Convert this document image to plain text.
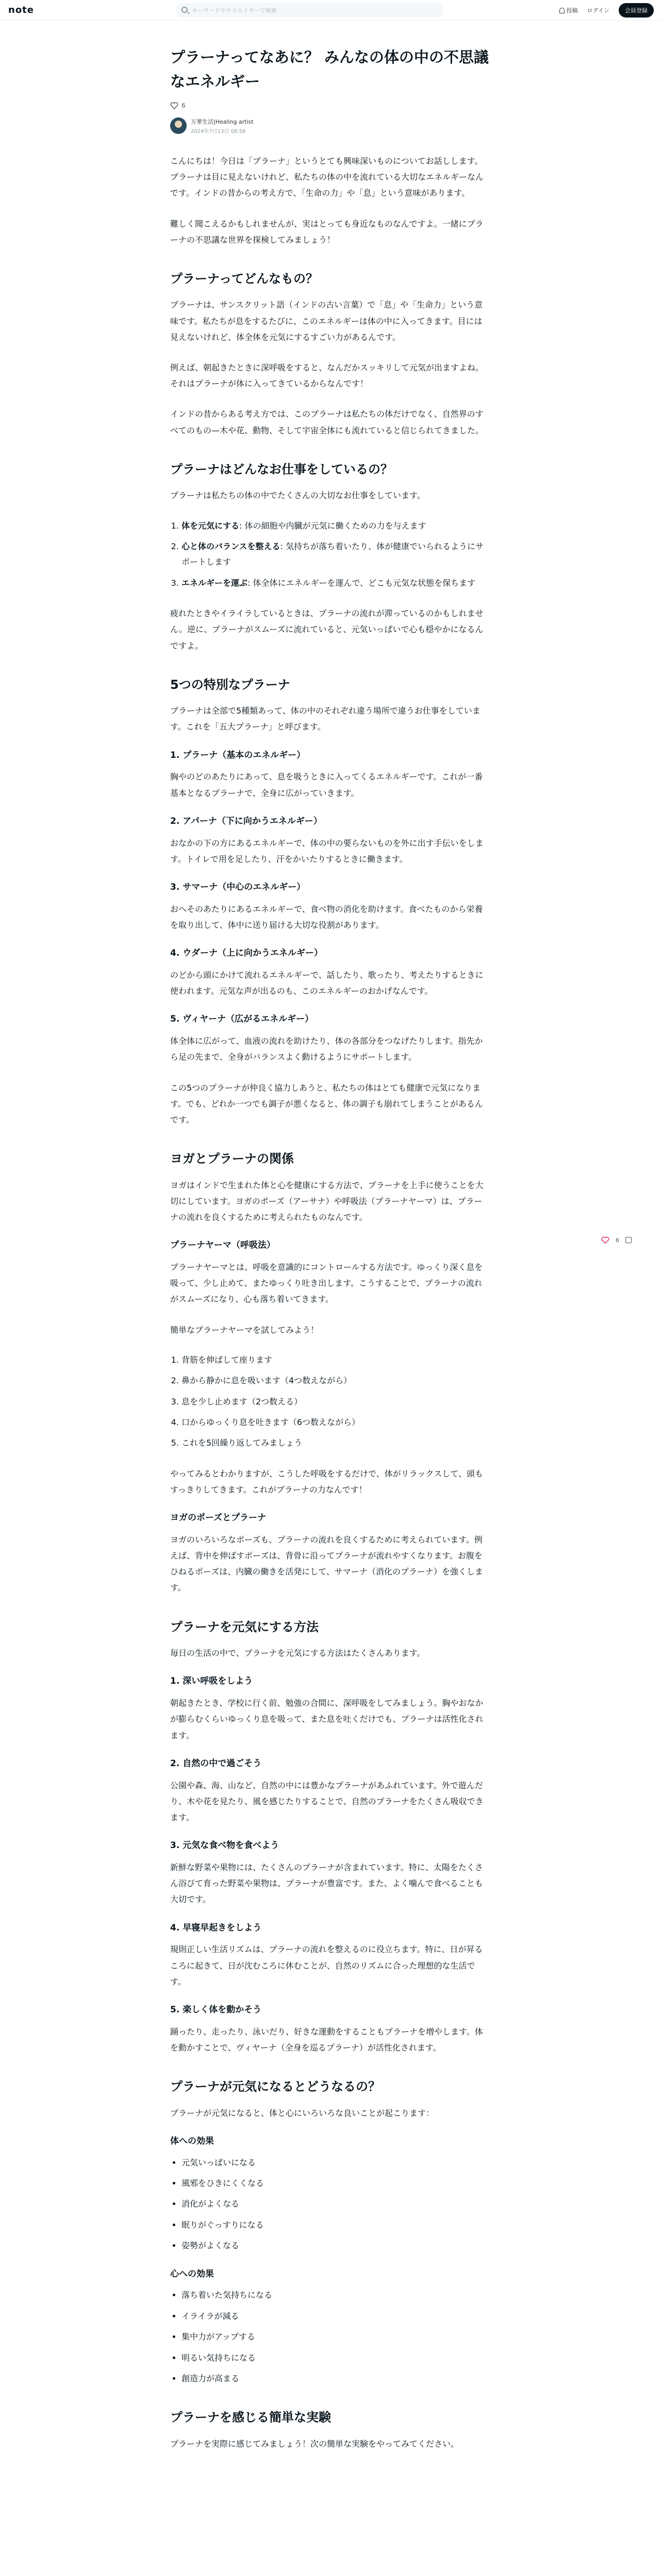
note
キーワードやクリエイターで検索	投稿 ログイン	会員登録
プラーナってなあに？ みんなの体の中の不思議なエネルギー
6
万華生活|Healing artist
2024年7月13日 08:58

こんにちは！今日は「プラーナ」というとても興味深いものについてお話しします。プラーナは目に見えないけれど、私たちの体の中を流れている大切なエネルギーなんです。インドの昔からの考え方で、「生命の力」や「息」という意味があります。

難しく聞こえるかもしれませんが、実はとっても身近なものなんですよ。一緒にプラーナの不思議な世界を探検してみましょう！

プラーナってどんなもの？

プラーナは、サンスクリット語（インドの古い言葉）で「息」や「生命力」という意味です。私たちが息をするたびに、このエネルギーは体の中に入ってきます。目には見えないけれど、体全体を元気にするすごい力があるんです。

例えば、朝起きたときに深呼吸をすると、なんだかスッキリして元気が出ますよね。それはプラーナが体に入ってきているからなんです！

インドの昔からある考え方では、このプラーナは私たちの体だけでなく、自然界のすべてのもの—木や花、動物、そして宇宙全体にも流れていると信じられてきました。

プラーナはどんなお仕事をしているの？

プラーナは私たちの体の中でたくさんの大切なお仕事をしています。

1. 体を元気にする: 体の細胞や内臓が元気に働くための力を与えます
2. 心と体のバランスを整える: 気持ちが落ち着いたり、体が健康でいられるようにサポートします
3. エネルギーを運ぶ: 体全体にエネルギーを運んで、どこも元気な状態を保ちます

疲れたときやイライラしているときは、プラーナの流れが滞っているのかもしれません。逆に、プラーナがスムーズに流れていると、元気いっぱいで心も穏やかになるんですよ。

5つの特別なプラーナ

プラーナは全部で5種類あって、体の中のそれぞれ違う場所で違うお仕事をしています。これを「五大プラーナ」と呼びます。

1. プラーナ（基本のエネルギー）

胸やのどのあたりにあって、息を吸うときに入ってくるエネルギーです。これが一番基本となるプラーナで、全身に広がっていきます。

2. アパーナ（下に向かうエネルギー）

おなかの下の方にあるエネルギーで、体の中の要らないものを外に出す手伝いをします。トイレで用を足したり、汗をかいたりするときに働きます。

3. サマーナ（中心のエネルギー）

おへそのあたりにあるエネルギーで、食べ物の消化を助けます。食べたものから栄養を取り出して、体中に送り届ける大切な役割があります。

4. ウダーナ（上に向かうエネルギー）

のどから頭にかけて流れるエネルギーで、話したり、歌ったり、考えたりするときに使われます。元気な声が出るのも、このエネルギーのおかげなんです。

5. ヴィヤーナ（広がるエネルギー）

体全体に広がって、血液の流れを助けたり、体の各部分をつなげたりします。指先から足の先まで、全身がバランスよく動けるようにサポートします。

この5つのプラーナが仲良く協力しあうと、私たちの体はとても健康で元気になります。でも、どれか一つでも調子が悪くなると、体の調子も崩れてしまうことがあるんです。

ヨガとプラーナの関係

ヨガはインドで生まれた体と心を健康にする方法で、プラーナを上手に使うことを大切にしています。ヨガのポーズ（アーサナ）や呼吸法（プラーナヤーマ）は、プラーナの流れを良くするために考えられたものなんです。

プラーナヤーマ（呼吸法）

プラーナヤーマとは、呼吸を意識的にコントロールする方法です。ゆっくり深く息を吸って、少し止めて、またゆっくり吐き出します。こうすることで、プラーナの流れがスムーズになり、心も落ち着いてきます。

簡単なプラーナヤーマを試してみよう！

1. 背筋を伸ばして座ります
2. 鼻から静かに息を吸います（4つ数えながら）
3. 息を少し止めます（2つ数える）
4. 口からゆっくり息を吐きます（6つ数えながら）
5. これを5回繰り返してみましょう

やってみるとわかりますが、こうした呼吸をするだけで、体がリラックスして、頭もすっきりしてきます。これがプラーナの力なんです！

ヨガのポーズとプラーナ

ヨガのいろいろなポーズも、プラーナの流れを良くするために考えられています。例えば、背中を伸ばすポーズは、背骨に沿ってプラーナが流れやすくなります。お腹をひねるポーズは、内臓の働きを活発にして、サマーナ（消化のプラーナ）を強くします。

プラーナを元気にする方法

毎日の生活の中で、プラーナを元気にする方法はたくさんあります。

1. 深い呼吸をしよう

朝起きたとき、学校に行く前、勉強の合間に、深呼吸をしてみましょう。胸やおなかが膨らむくらいゆっくり息を吸って、また息を吐くだけでも、プラーナは活性化されます。

2. 自然の中で過ごそう

公園や森、海、山など、自然の中には豊かなプラーナがあふれています。外で遊んだり、木や花を見たり、風を感じたりすることで、自然のプラーナをたくさん吸収できます。

3. 元気な食べ物を食べよう

新鮮な野菜や果物には、たくさんのプラーナが含まれています。特に、太陽をたくさん浴びて育った野菜や果物は、プラーナが豊富です。また、よく噛んで食べることも大切です。

4. 早寝早起きをしよう

規則正しい生活リズムは、プラーナの流れを整えるのに役立ちます。特に、日が昇るころに起きて、日が沈むころに休むことが、自然のリズムに合った理想的な生活です。

5. 楽しく体を動かそう

踊ったり、走ったり、泳いだり、好きな運動をすることもプラーナを増やします。体を動かすことで、ヴィヤーナ（全身を巡るプラーナ）が活性化されます。

プラーナが元気になるとどうなるの？

プラーナが元気になると、体と心にいろいろな良いことが起こります：

体への効果
• 元気いっぱいになる
• 風邪をひきにくくなる
• 消化がよくなる
• 眠りがぐっすりになる
• 姿勢がよくなる
心への効果
• 落ち着いた気持ちになる
• イライラが減る
• 集中力がアップする
• 明るい気持ちになる
• 創造力が高まる
プラーナを感じる簡単な実験

プラーナを実際に感じてみましょう！次の簡単な実験をやってみてください。

6
